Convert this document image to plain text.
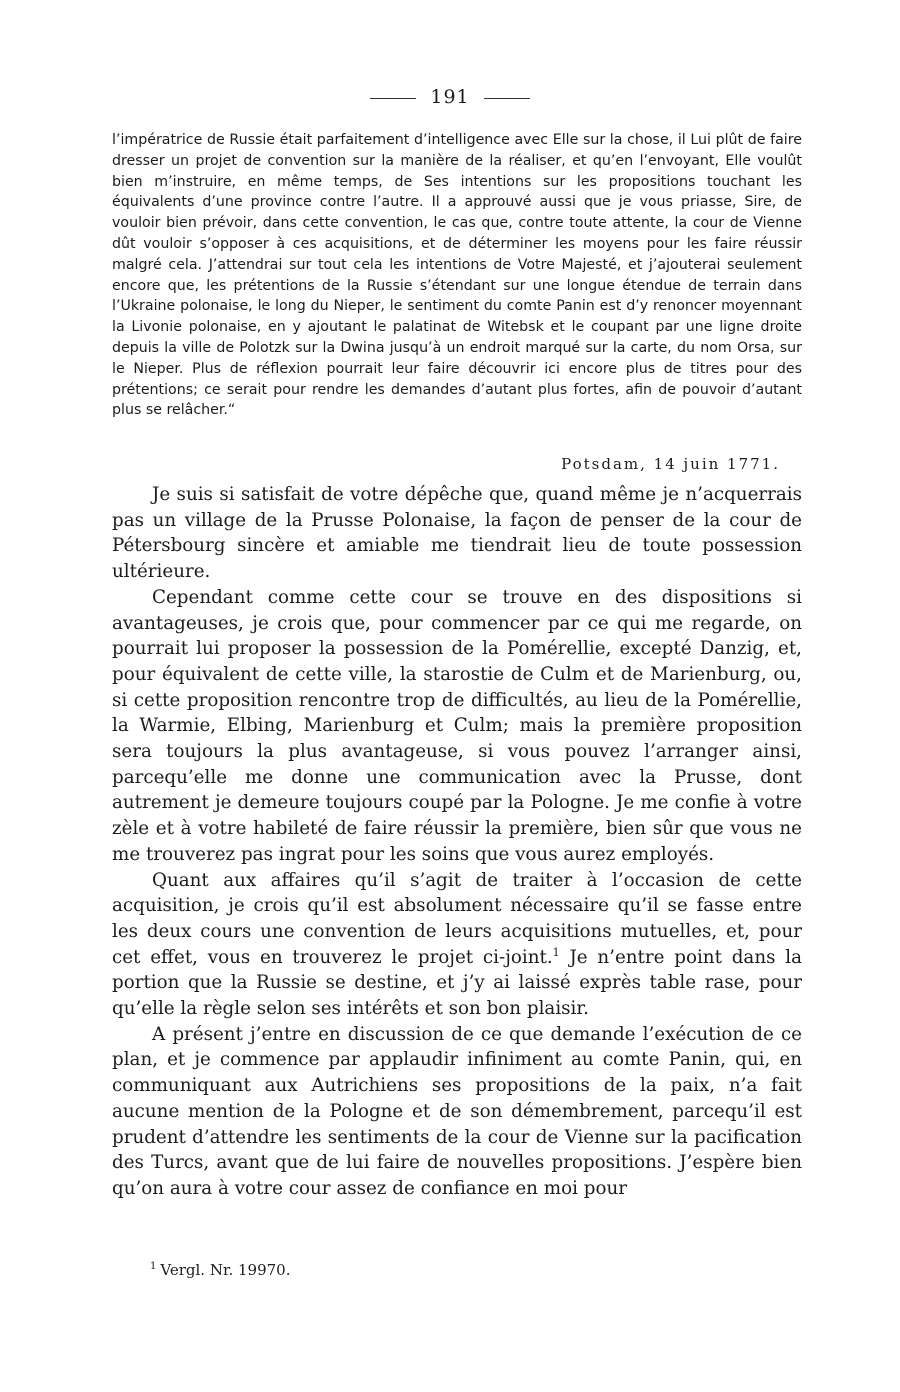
191
l’impératrice de Russie était parfaitement d’intelligence avec Elle sur la chose, il Lui plût de faire dresser un projet de convention sur la manière de la réaliser, et qu’en l’envoyant, Elle voulût bien m’instruire, en même temps, de Ses intentions sur les propositions touchant les équivalents d’une province contre l’autre. Il a approuvé aussi que je vous priasse, Sire, de vouloir bien prévoir, dans cette convention, le cas que, contre toute attente, la cour de Vienne dût vouloir s’opposer à ces acquisitions, et de déterminer les moyens pour les faire réussir malgré cela. J’attendrai sur tout cela les intentions de Votre Majesté, et j’ajouterai seulement encore que, les prétentions de la Russie s’étendant sur une longue étendue de terrain dans l’Ukraine polonaise, le long du Nieper, le sentiment du comte Panin est d’y renoncer moyennant la Livonie polonaise, en y ajoutant le palatinat de Witebsk et le coupant par une ligne droite depuis la ville de Polotzk sur la Dwina jusqu’à un endroit marqué sur la carte, du nom Orsa, sur le Nieper. Plus de réflexion pourrait leur faire découvrir ici encore plus de titres pour des prétentions; ce serait pour rendre les demandes d’autant plus fortes, afin de pouvoir d’autant plus se relâcher.“
Potsdam, 14 juin 1771.

Je suis si satisfait de votre dépêche que, quand même je n’acquerrais pas un village de la Prusse Polonaise, la façon de penser de la cour de Pétersbourg sincère et amiable me tiendrait lieu de toute possession ultérieure.

Cependant comme cette cour se trouve en des dispositions si avantageuses, je crois que, pour commencer par ce qui me regarde, on pourrait lui proposer la possession de la Pomérellie, excepté Danzig, et, pour équivalent de cette ville, la starostie de Culm et de Marienburg, ou, si cette proposition rencontre trop de difficultés, au lieu de la Pomérellie, la Warmie, Elbing, Marienburg et Culm; mais la première proposition sera toujours la plus avantageuse, si vous pouvez l’arranger ainsi, parcequ’elle me donne une communication avec la Prusse, dont autrement je demeure toujours coupé par la Pologne. Je me confie à votre zèle et à votre habileté de faire réussir la première, bien sûr que vous ne me trouverez pas ingrat pour les soins que vous aurez employés.

Quant aux affaires qu’il s’agit de traiter à l’occasion de cette acquisition, je crois qu’il est absolument nécessaire qu’il se fasse entre les deux cours une convention de leurs acquisitions mutuelles, et, pour cet effet, vous en trouverez le projet ci-joint.$^1$ Je n’entre point dans la portion que la Russie se destine, et j’y ai laissé exprès table rase, pour qu’elle la règle selon ses intérêts et son bon plaisir.

A présent j’entre en discussion de ce que demande l’exécution de ce plan, et je commence par applaudir infiniment au comte Panin, qui, en communiquant aux Autrichiens ses propositions de la paix, n’a fait aucune mention de la Pologne et de son démembrement, parcequ’il est prudent d’attendre les sentiments de la cour de Vienne sur la pacification des Turcs, avant que de lui faire de nouvelles propositions. J’espère bien qu’on aura à votre cour assez de confiance en moi pour

$^1$ Vergl. Nr. 19970.
